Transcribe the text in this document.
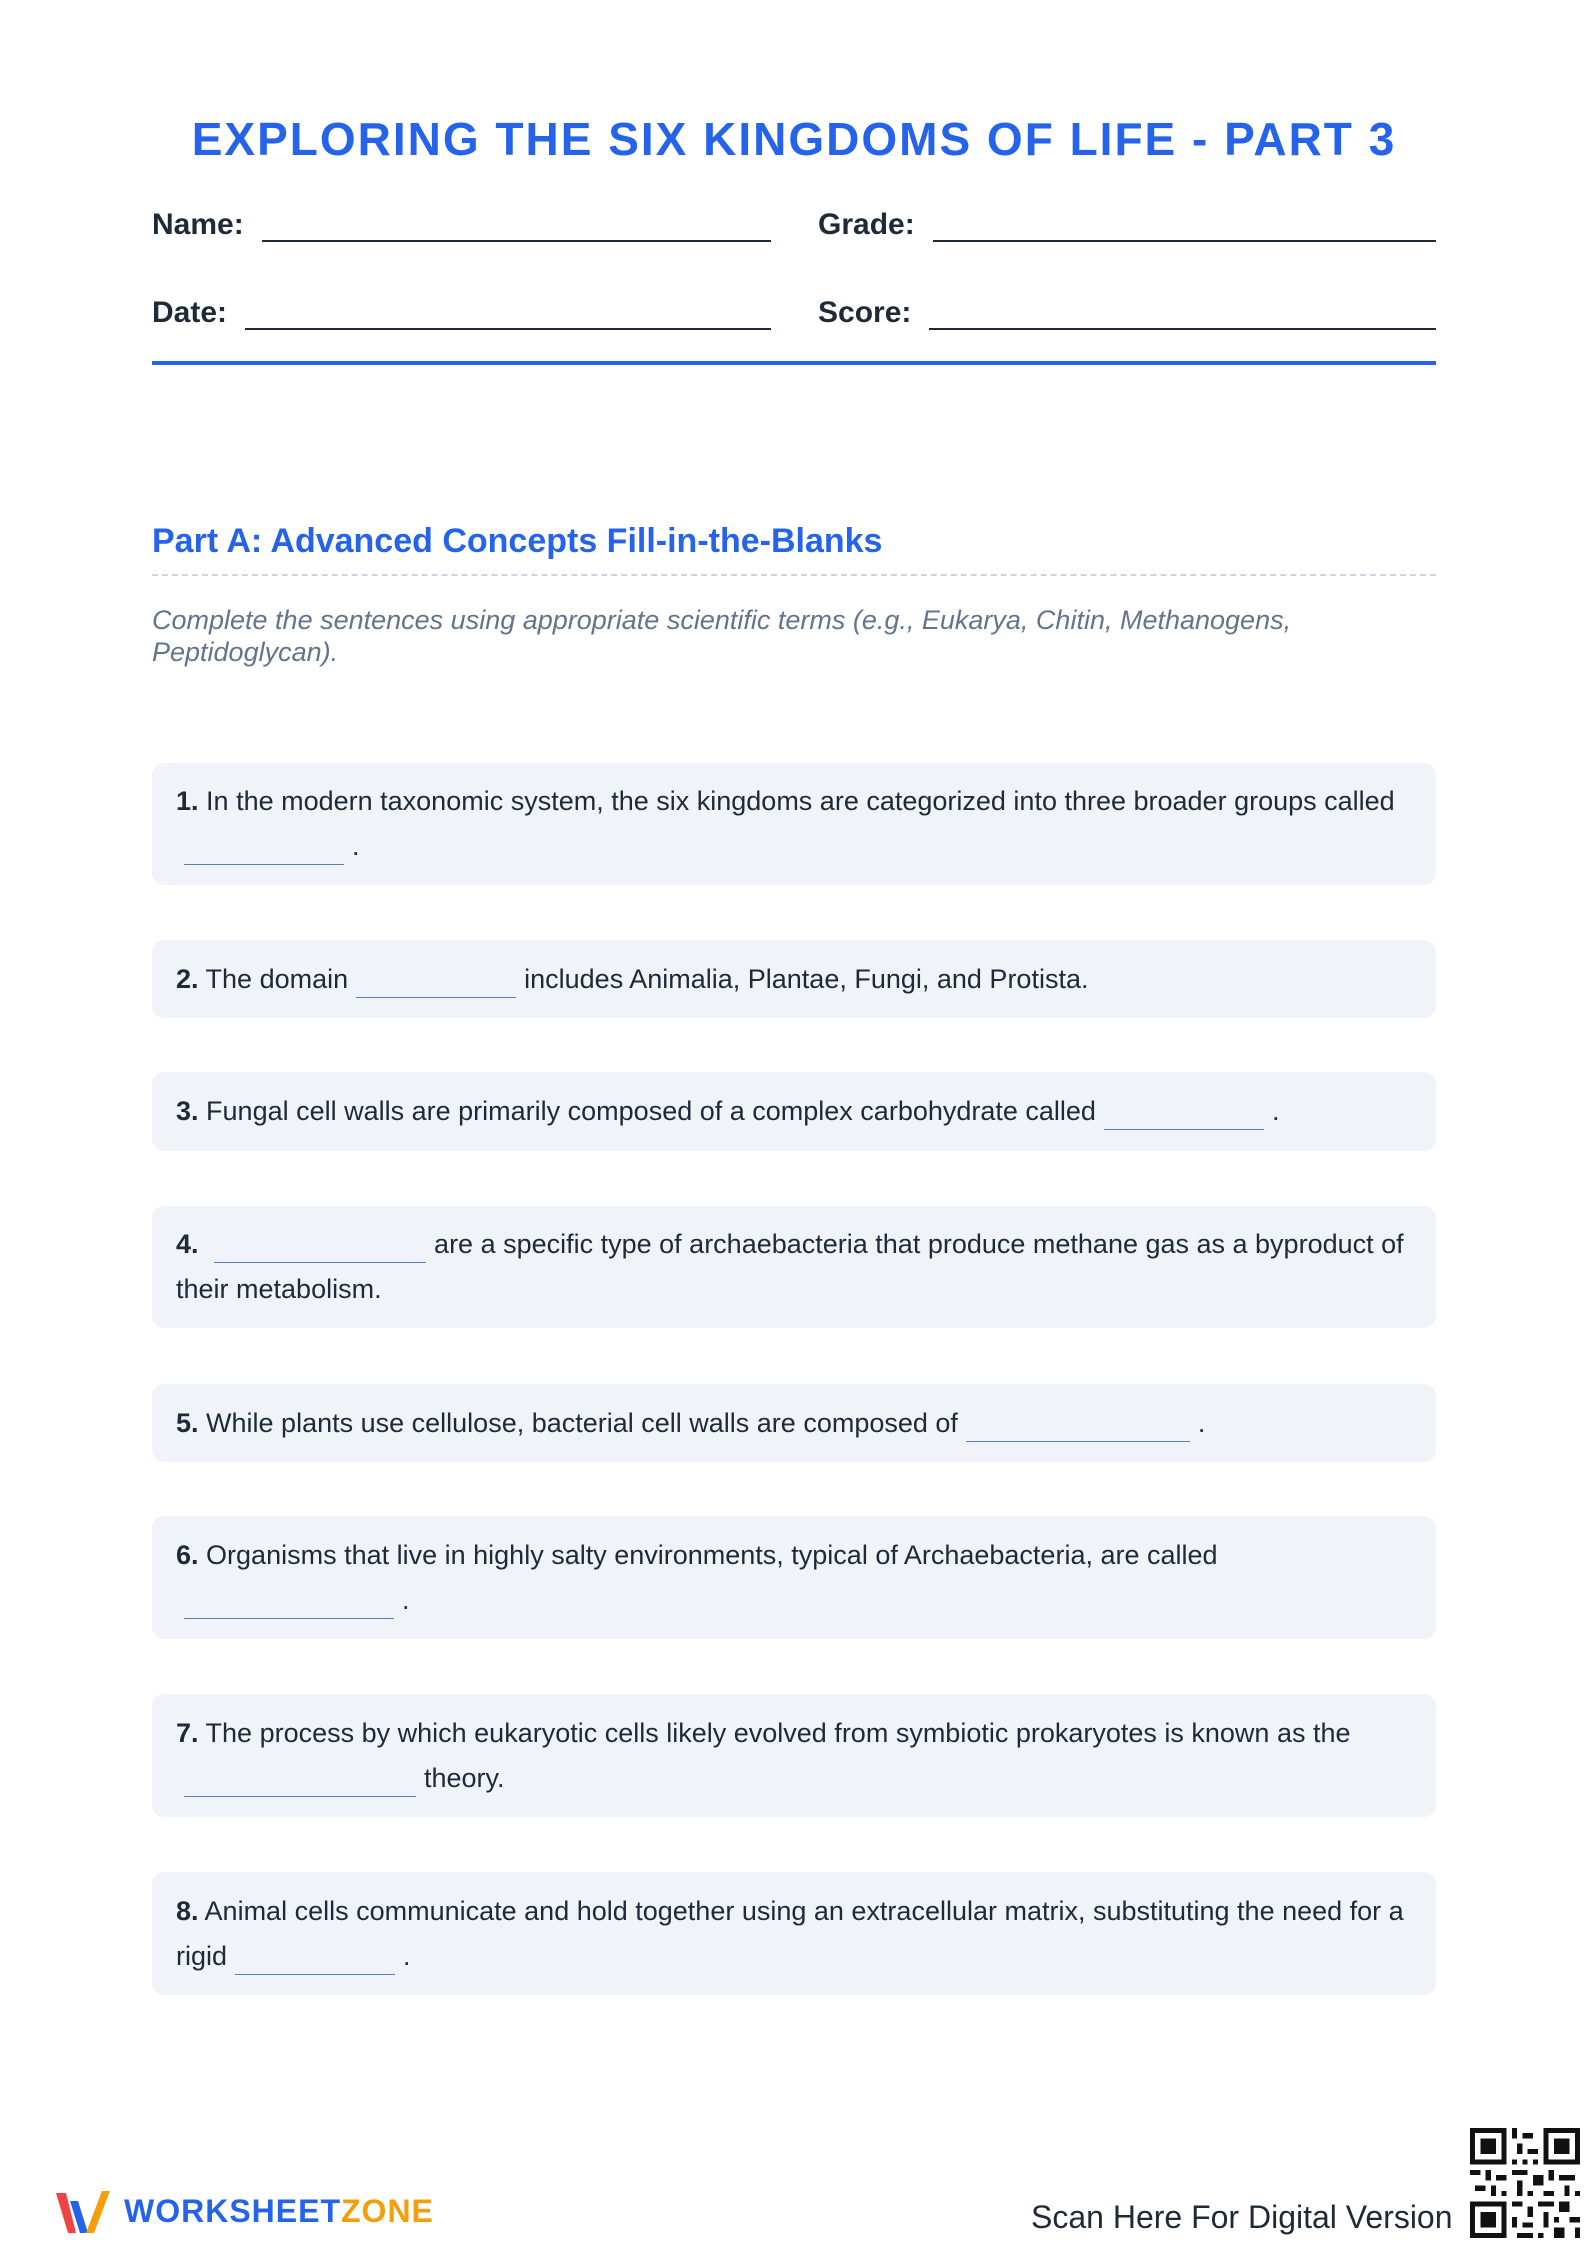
EXPLORING THE SIX KINGDOMS OF LIFE - PART 3
Name:	Grade:
Date:	Score:
Part A: Advanced Concepts Fill-in-the-Blanks
Complete the sentences using appropriate scientific terms (e.g., Eukarya, Chitin, Methanogens, Peptidoglycan).
1. In the modern taxonomic system, the six kingdoms are categorized into three broader groups called.
2. The domain	includes Animalia, Plantae, Fungi, and Protista.
3. Fungal cell walls are primarily composed of a complex carbohydrate called	.
4.	are a specific type of archaebacteria that produce methane gas as a byproduct of their metabolism.
5. While plants use cellulose, bacterial cell walls are composed of	.
6. Organisms that live in highly salty environments, typical of Archaebacteria, are called.
7. The process by which eukaryotic cells likely evolved from symbiotic prokaryotes is known as thetheory.
8. Animal cells communicate and hold together using an extracellular matrix, substituting the need for a rigid	.
WORKSHEETZONE	Scan Here For Digital Version
